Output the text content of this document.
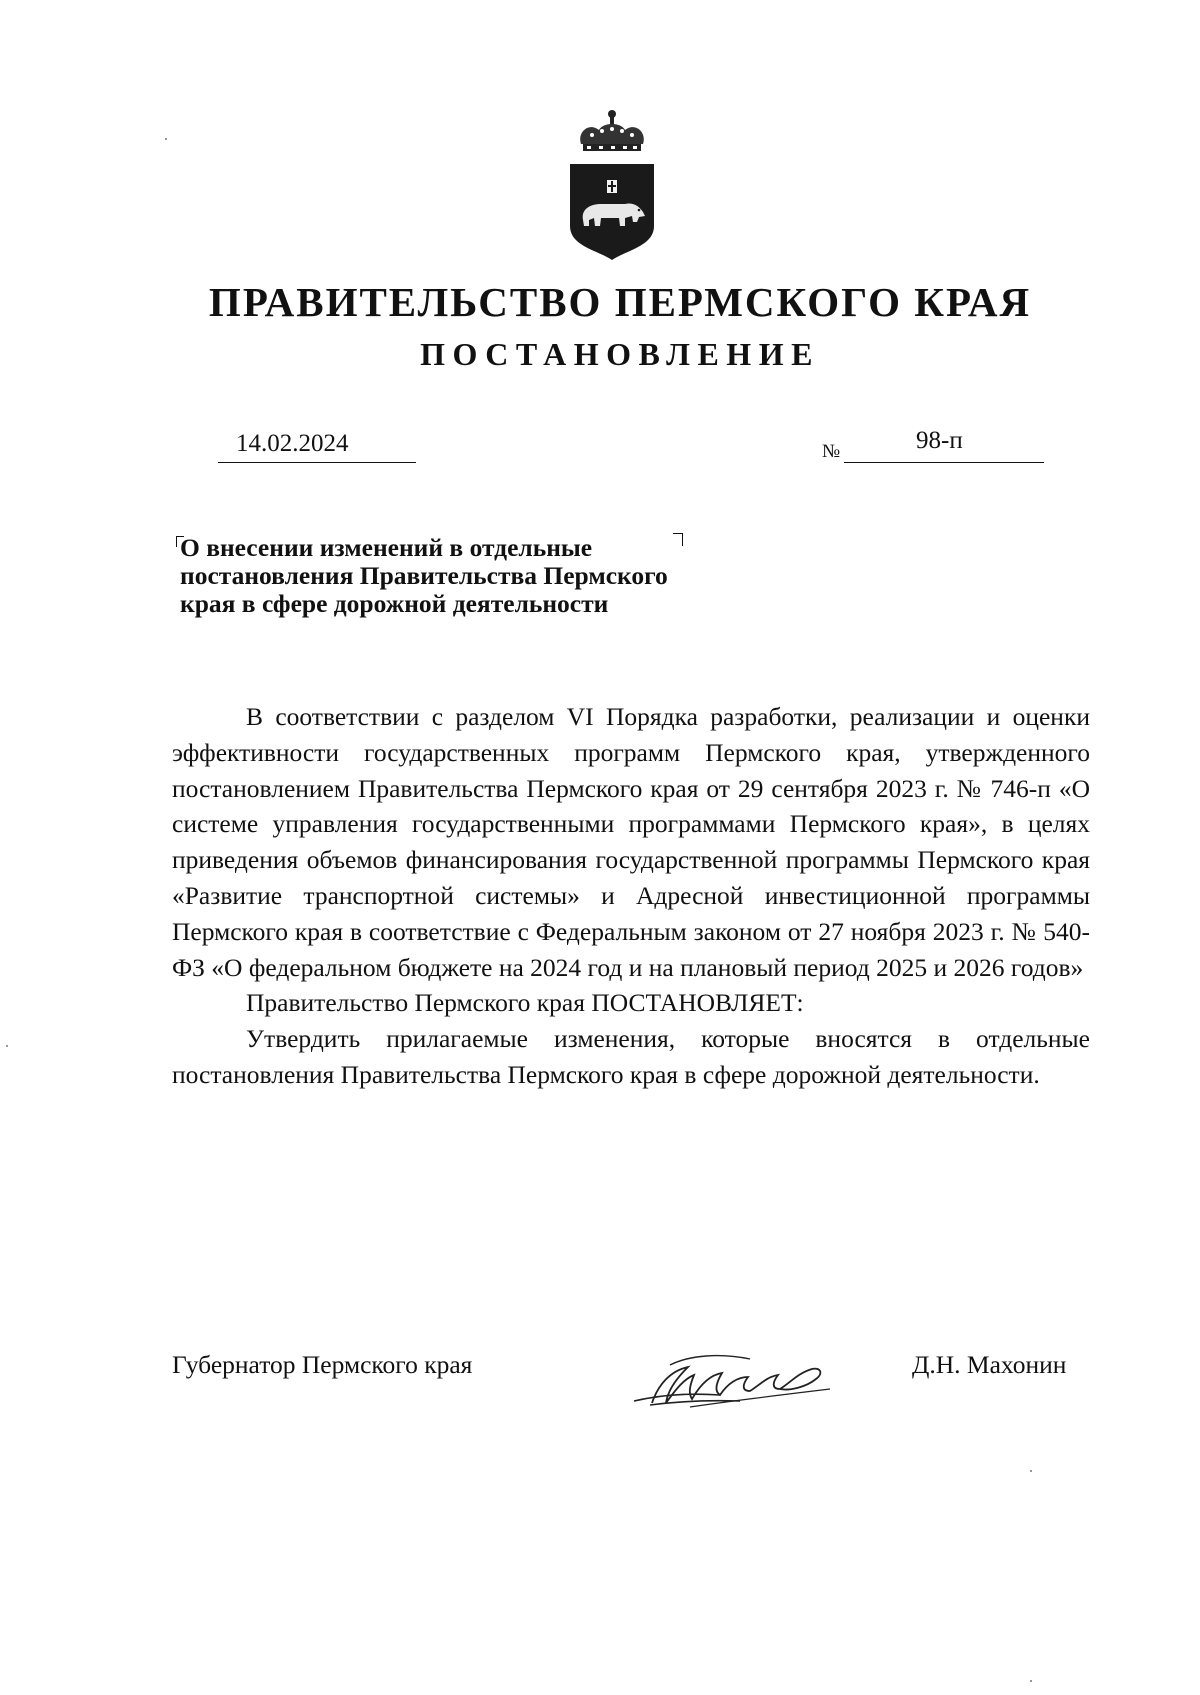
ПРАВИТЕЛЬСТВО ПЕРМСКОГО КРАЯ
ПОСТАНОВЛЕНИЕ
14.02.2024	№	98-п
О внесении изменений в отдельные
постановления Правительства Пермского
края в сфере дорожной деятельности

В соответствии с разделом VI Порядка разработки, реализации и оценки эффективности государственных программ Пермского края, утвержденного постановлением Правительства Пермского края от 29 сентября 2023 г. № 746-п «О системе управления государственными программами Пермского края», в целях приведения объемов финансирования государственной программы Пермского края «Развитие транспортной системы» и Адресной инвестиционной программы Пермского края в соответствие с Федеральным законом от 27 ноября 2023 г. № 540-ФЗ «О федеральном бюджете на 2024 год и на плановый период 2025 и 2026 годов»

Правительство Пермского края ПОСТАНОВЛЯЕТ:

Утвердить прилагаемые изменения, которые вносятся в отдельные постановления Правительства Пермского края в сфере дорожной деятельности.

Губернатор Пермского края	Д.Н. Махонин
